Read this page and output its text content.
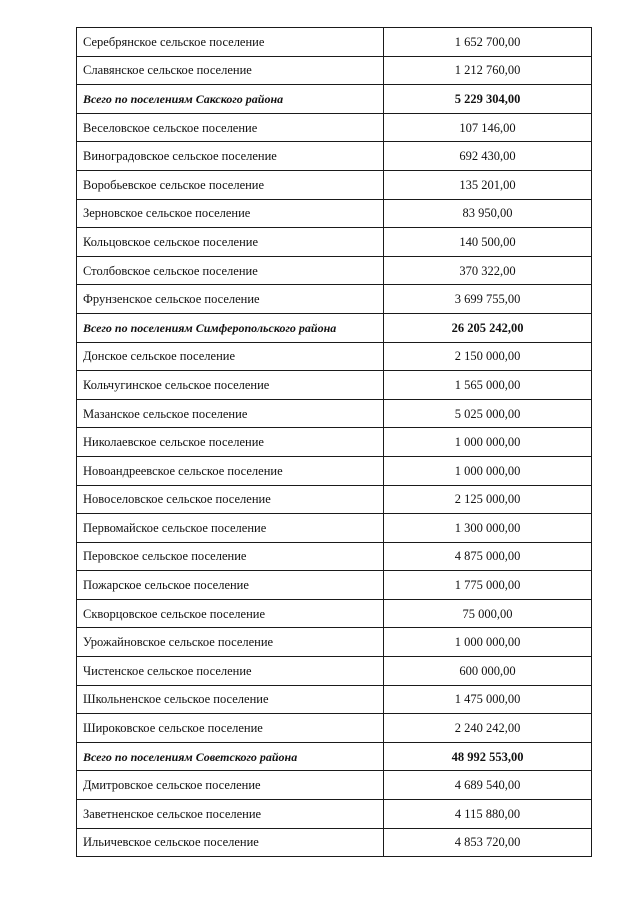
Серебрянское сельское поселение	1 652 700,00
Славянское сельское поселение	1 212 760,00
Всего по поселениям Сакского района	5 229 304,00
Веселовское сельское поселение	107 146,00
Виноградовское сельское поселение	692 430,00
Воробьевское сельское поселение	135 201,00
Зерновское сельское поселение	83 950,00
Кольцовское сельское поселение	140 500,00
Столбовское сельское поселение	370 322,00
Фрунзенское сельское поселение	3 699 755,00
Всего по поселениям Симферопольского района	26 205 242,00
Донское сельское поселение	2 150 000,00
Кольчугинское сельское поселение	1 565 000,00
Мазанское сельское поселение	5 025 000,00
Николаевское сельское поселение	1 000 000,00
Новоандреевское сельское поселение	1 000 000,00
Новоселовское сельское поселение	2 125 000,00
Первомайское сельское поселение	1 300 000,00
Перовское сельское поселение	4 875 000,00
Пожарское сельское поселение	1 775 000,00
Скворцовское сельское поселение	75 000,00
Урожайновское сельское поселение	1 000 000,00
Чистенское сельское поселение	600 000,00
Школьненское сельское поселение	1 475 000,00
Широковское сельское поселение	2 240 242,00
Всего по поселениям Советского района	48 992 553,00
Дмитровское сельское поселение	4 689 540,00
Заветненское сельское поселение	4 115 880,00
Ильичевское сельское поселение	4 853 720,00
